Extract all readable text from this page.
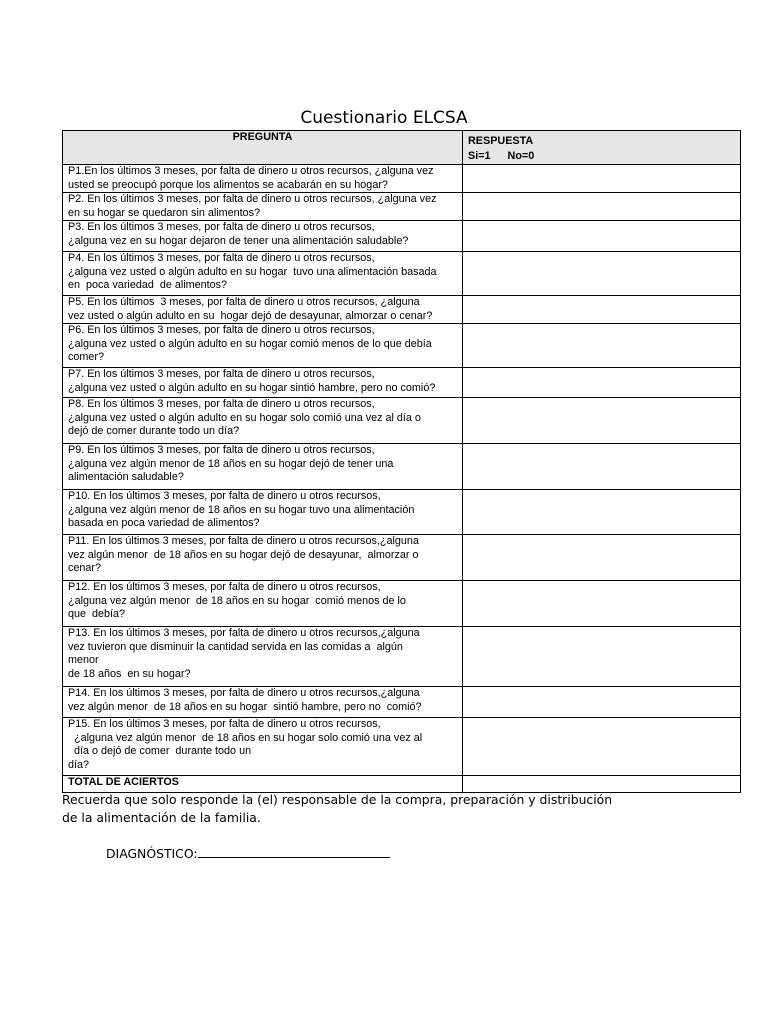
Cuestionario ELCSA
PREGUNTA	RESPUESTA
Si=1 No=0

P1.En los últimos 3 meses, por falta de dinero u otros recursos, ¿alguna vez
usted se preocupó porque los alimentos se acabarán en su hogar?	

P2. En los últimos 3 meses, por falta de dinero u otros recursos, ¿alguna vez
en su hogar se quedaron sin alimentos?	

P3. En los últimos 3 meses, por falta de dinero u otros recursos,
¿alguna vez en su hogar dejaron de tener una alimentación saludable?	

P4. En los últimos 3 meses, por falta de dinero u otros recursos,
¿alguna vez usted o algún adulto en su hogar  tuvo una alimentación basada
en  poca variedad  de alimentos?	

P5. En los últimos  3 meses, por falta de dinero u otros recursos, ¿alguna
vez usted o algún adulto en su  hogar dejó de desayunar, almorzar o cenar?	

P6. En los últimos 3 meses, por falta de dinero u otros recursos,
¿alguna vez usted o algún adulto en su hogar comió menos de lo que debía
comer?	

P7. En los últimos 3 meses, por falta de dinero u otros recursos,
¿alguna vez usted o algún adulto en su hogar sintió hambre, pero no comió?	

P8. En los últimos 3 meses, por falta de dinero u otros recursos,
¿alguna vez usted o algún adulto en su hogar solo comió una vez al día o
dejó de comer durante todo un día?	

P9. En los últimos 3 meses, por falta de dinero u otros recursos,
¿alguna vez algún menor de 18 años en su hogar dejó de tener una
alimentación saludable?	

P10. En los últimos 3 meses, por falta de dinero u otros recursos,
¿alguna vez algún menor de 18 años en su hogar tuvo una alimentación
basada en poca variedad de alimentos?	

P11. En los últimos 3 meses, por falta de dinero u otros recursos,¿alguna
vez algún menor  de 18 años en su hogar dejó de desayunar,  almorzar o
cenar?	

P12. En los últimos 3 meses, por falta de dinero u otros recursos,
¿alguna vez algún menor  de 18 años en su hogar  comió menos de lo
que  debía?	

P13. En los últimos 3 meses, por falta de dinero u otros recursos,¿alguna
vez tuvieron que disminuir la cantidad servida en las comidas a  algún
menor
de 18 años  en su hogar?	

P14. En los últimos 3 meses, por falta de dinero u otros recursos,¿alguna
vez algún menor  de 18 años en su hogar  sintió hambre, pero no  comió?	

P15. En los últimos 3 meses, por falta de dinero u otros recursos,
¿alguna vez algún menor  de 18 años en su hogar solo comió una vez al
día o dejó de comer  durante todo un
día?	

TOTAL DE ACIERTOS	
Recuerda que solo responde la (el) responsable de la compra, preparación y distribución de la alimentación de la familia.
DIAGNÓSTICO:
